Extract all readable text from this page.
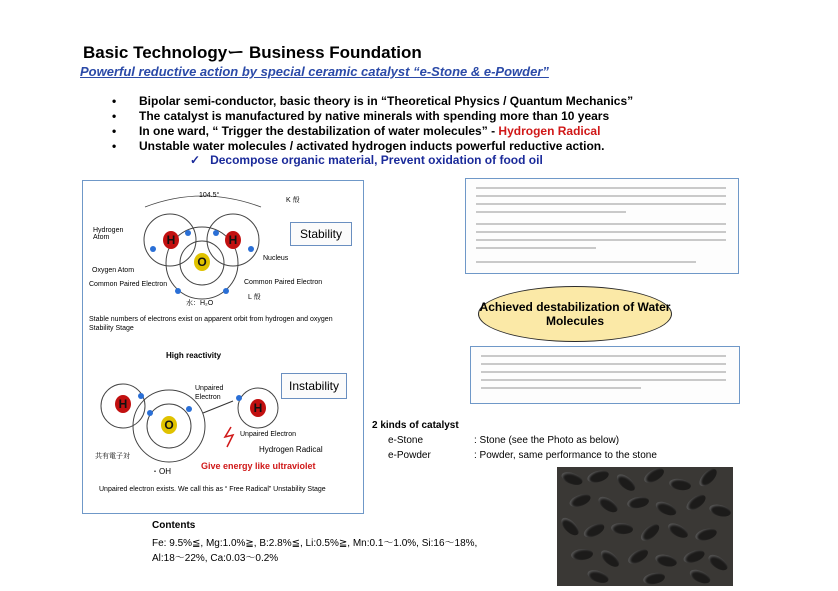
Basic Technologyー Business Foundation
Powerful reductive action by special ceramic catalyst “e-Stone & e-Powder”
• Bipolar semi-conductor, basic theory is in “Theoretical Physics / Quantum Mechanics”
• The catalyst is manufactured by native minerals with spending more than 10 years
• In one ward, “ Trigger the destabilization of water molecules” - Hydrogen Radical
• Unstable water molecules / activated hydrogen inducts powerful reductive action.
✓ Decompose organic material, Prevent oxidation of food oil
104.5°
K 殻
Hydrogen Atom
Nucleus
Oxygen Atom
Common Paired Electron	Common Paired Electron
L 殻
水：H₂O
Stable numbers of electrons exist on apparent orbit from hydrogen and oxygen Stability Stage
High reactivity
Unpaired Electron
Unpaired Electron
Hydrogen Radical
共有電子対
・OH
Give energy like ultraviolet
Unpaired electron exists. We call this as “ Free Radical” Unstability Stage
H	H
O
H
O
H
Stability
Instability
Achieved destabilization of Water Molecules
2 kinds of catalyst
e-Stone	: Stone (see the Photo as below)
e-Powder	: Powder, same performance to the stone
Contents
Fe: 9.5%≦, Mg:1.0%≧, B:2.8%≦, Li:0.5%≧, Mn:0.1〜1.0%, Si:16〜18%,
Al:18〜22%, Ca:0.03〜0.2%
